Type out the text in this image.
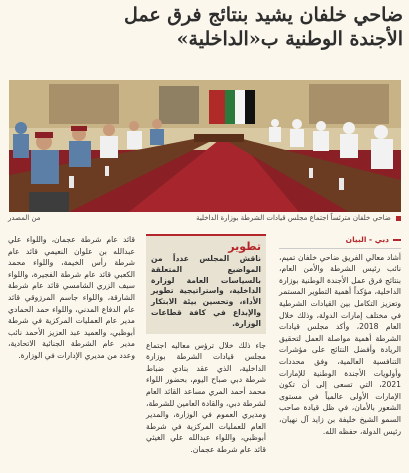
ضاحي خلفان يشيد بنتائج فرق عمل
الأجندة الوطنية ب«الداخلية»
ضاحي خلفان مترئساً اجتماع مجلس قيادات الشرطة بوزارة الداخلية
من المصدر
دبي - البيان

أشاد معالي الفريق ضاحي خلفان تميم، نائب رئيس الشرطة والأمن العام، بنتائج فرق عمل الأجندة الوطنية بوزارة الداخلية، مؤكداً أهمية التطوير المستمر وتعزيز التكامل بين القيادات الشرطية في مختلف إمارات الدولة، وذلك خلال العام 2018، وأكد مجلس قيادات الشرطة أهمية مواصلة العمل لتحقيق الريادة وأفضل النتائج على مؤشرات التنافسية العالمية، وفق محددات وأولويات الأجندة الوطنية للإمارات 2021، التي تسعى إلى أن تكون الإمارات الأولى عالمياً في مستوى الشعور بالأمان، في ظل قيادة صاحب السمو الشيخ خليفة بن زايد آل نهيان، رئيس الدولة، حفظه الله.

تطوير
ناقش المجلس عدداً من المواضيع المتعلقة بالسياسات العامة لوزارة الداخلية، واستراتيجية تطوير الأداء، وتحسين بيئة الابتكار والإبداع في كافة قطاعات الوزارة.

جاء ذلك خلال ترؤس معاليه اجتماع مجلس قيادات الشرطة بوزارة الداخلية، الذي عقد بنادي ضباط شرطة دبي صباح اليوم، بحضور اللواء محمد أحمد المري مساعد القائد العام لشرطة دبي، والقادة العامين للشرطة، ومديري العموم في الوزارة، والمدير العام للعمليات المركزية في شرطة أبوظبي، واللواء عبدالله علي الغيثي قائد عام شرطة عجمان.

قائد عام شرطة عجمان، واللواء علي عبدالله بن علوان النعيمي قائد عام شرطة رأس الخيمة، واللواء محمد الكعبي قائد عام شرطة الفجيرة، واللواء سيف الزري الشامسي قائد عام شرطة الشارقة، واللواء جاسم المرزوقي قائد عام الدفاع المدني، واللواء حمد الحمادي مدير عام العمليات المركزية في شرطة أبوظبي، والعميد عبد العزيز الأحمد نائب مدير عام الشرطة الجنائية الاتحادية، وعدد من مديري الإدارات في الوزارة.
